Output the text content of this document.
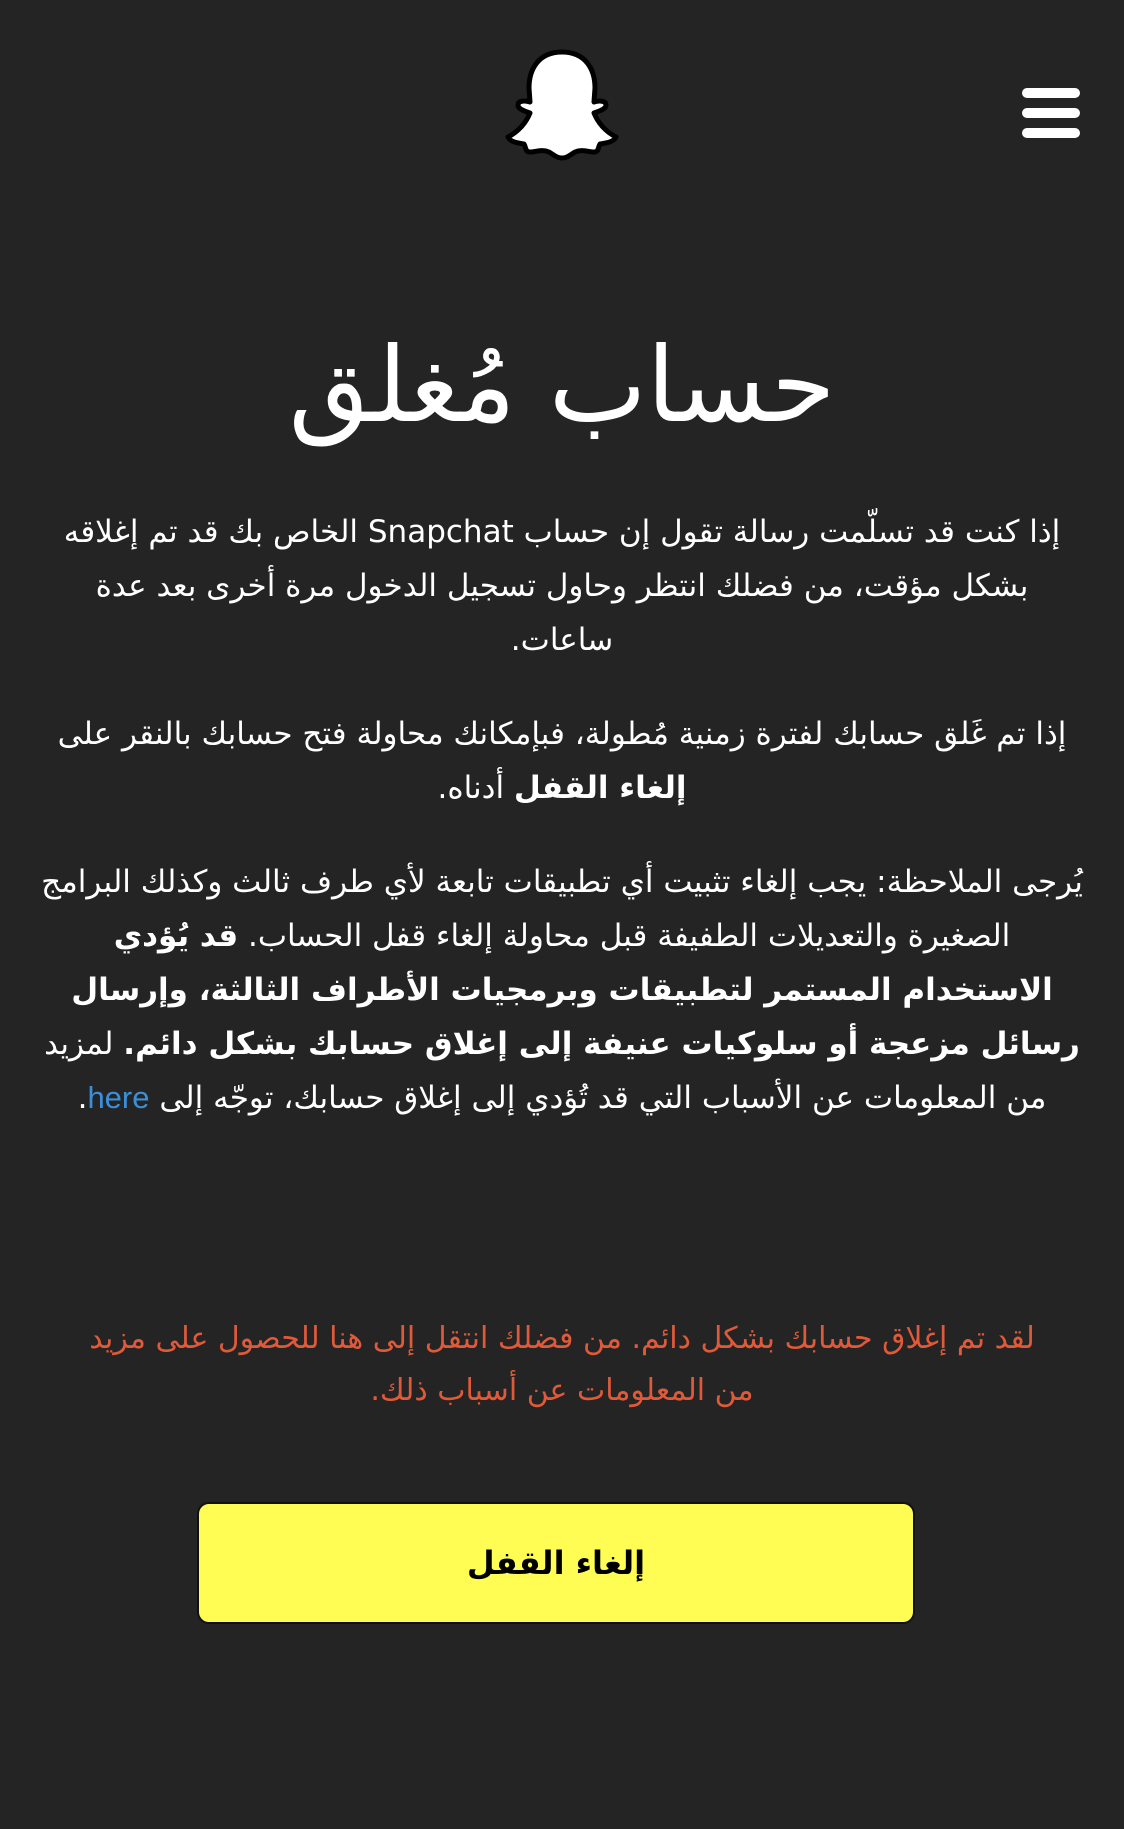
حساب مُغلق

إذا كنت قد تسلّمت رسالة تقول إن حساب Snapchat الخاص بك قد تم إغلاقه بشكل مؤقت، من فضلك انتظر وحاول تسجيل الدخول مرة أخرى بعد عدة ساعات.

إذا تم غَلق حسابك لفترة زمنية مُطولة، فبإمكانك محاولة فتح حسابك بالنقر على إلغاء القفل أدناه.

يُرجى الملاحظة: يجب إلغاء تثبيت أي تطبيقات تابعة لأي طرف ثالث وكذلك البرامج الصغيرة والتعديلات الطفيفة قبل محاولة إلغاء قفل الحساب. قد يُؤدي الاستخدام المستمر لتطبيقات وبرمجيات الأطراف الثالثة، وإرسال رسائل مزعجة أو سلوكيات عنيفة إلى إغلاق حسابك بشكل دائم. لمزيد من المعلومات عن الأسباب التي قد تُؤدي إلى إغلاق حسابك، توجّه إلى here.

لقد تم إغلاق حسابك بشكل دائم. من فضلك انتقل إلى هنا للحصول على مزيد من المعلومات عن أسباب ذلك.

إلغاء القفل
